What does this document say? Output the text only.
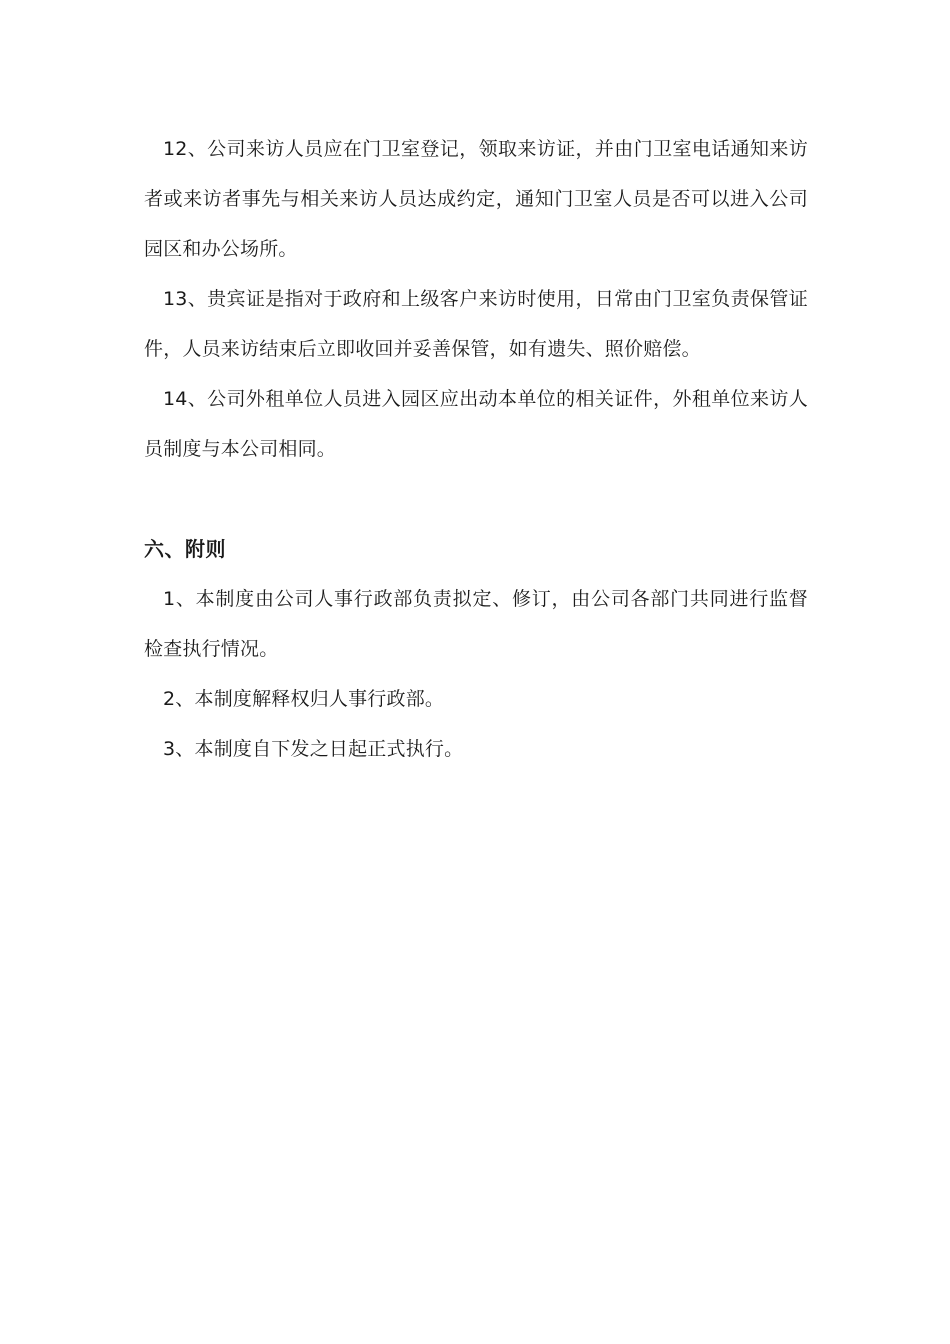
12、公司来访人员应在门卫室登记，领取来访证，并由门卫室电话通知来访者或来访者事先与相关来访人员达成约定，通知门卫室人员是否可以进入公司园区和办公场所。

13、贵宾证是指对于政府和上级客户来访时使用，日常由门卫室负责保管证件，人员来访结束后立即收回并妥善保管，如有遗失、照价赔偿。

14、公司外租单位人员进入园区应出动本单位的相关证件，外租单位来访人员制度与本公司相同。

六、附则

1、本制度由公司人事行政部负责拟定、修订，由公司各部门共同进行监督检查执行情况。

2、本制度解释权归人事行政部。

3、本制度自下发之日起正式执行。
